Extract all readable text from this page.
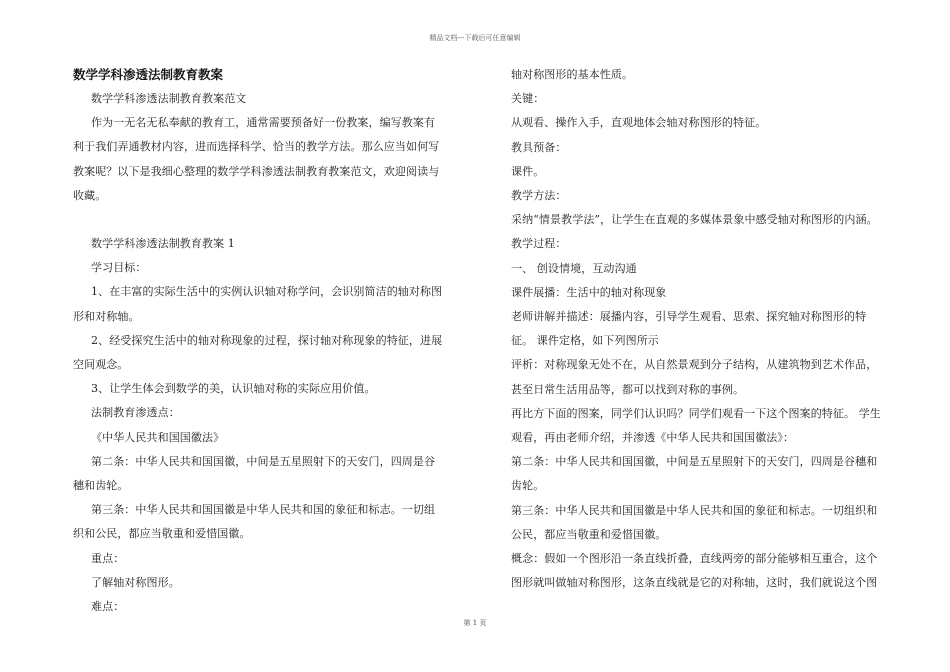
精品文档---下载后可任意编辑
数学学科渗透法制教育教案

数学学科渗透法制教育教案范文

作为一无名无私奉献的教育工，通常需要预备好一份教案，编写教案有利于我们弄通教材内容，进而选择科学、恰当的教学方法。那么应当如何写教案呢？以下是我细心整理的数学学科渗透法制教育教案范文，欢迎阅读与收藏。

数学学科渗透法制教育教案 1

学习目标：

1、在丰富的实际生活中的实例认识轴对称学问，会识别简洁的轴对称图形和对称轴。

2、经受探究生活中的轴对称现象的过程，探讨轴对称现象的特征，进展空间观念。

3、让学生体会到数学的美，认识轴对称的实际应用价值。

法制教育渗透点：

《中华人民共和国国徽法》

第二条：中华人民共和国国徽，中间是五星照射下的天安门，四周是谷穗和齿轮。

第三条：中华人民共和国国徽是中华人民共和国的象征和标志。一切组织和公民，都应当敬重和爱惜国徽。

重点：

了解轴对称图形。

难点：

轴对称图形的基本性质。

关键：

从观看、操作入手，直观地体会轴对称图形的特征。

教具预备：

课件。

教学方法：

采纳“情景教学法”，让学生在直观的多媒体景象中感受轴对称图形的内涵。 教学过程：

一、 创设情境，互动沟通

课件展播：生活中的轴对称现象

老师讲解并描述：展播内容，引导学生观看、思索、探究轴对称图形的特征。 课件定格，如下列图所示

评析：对称现象无处不在，从自然景观到分子结构，从建筑物到艺术作品，甚至日常生活用品等，都可以找到对称的事例。

再比方下面的图案，同学们认识吗？同学们观看一下这个图案的特征。 学生观看，再由老师介绍，并渗透《中华人民共和国国徽法》：

第二条：中华人民共和国国徽，中间是五星照射下的天安门，四周是谷穗和齿轮。

第三条：中华人民共和国国徽是中华人民共和国的象征和标志。一切组织和公民，都应当敬重和爱惜国徽。

概念：假如一个图形沿一条直线折叠，直线两旁的部分能够相互重合，这个图形就叫做轴对称图形，这条直线就是它的对称轴，这时，我们就说这个图

第 1 页
